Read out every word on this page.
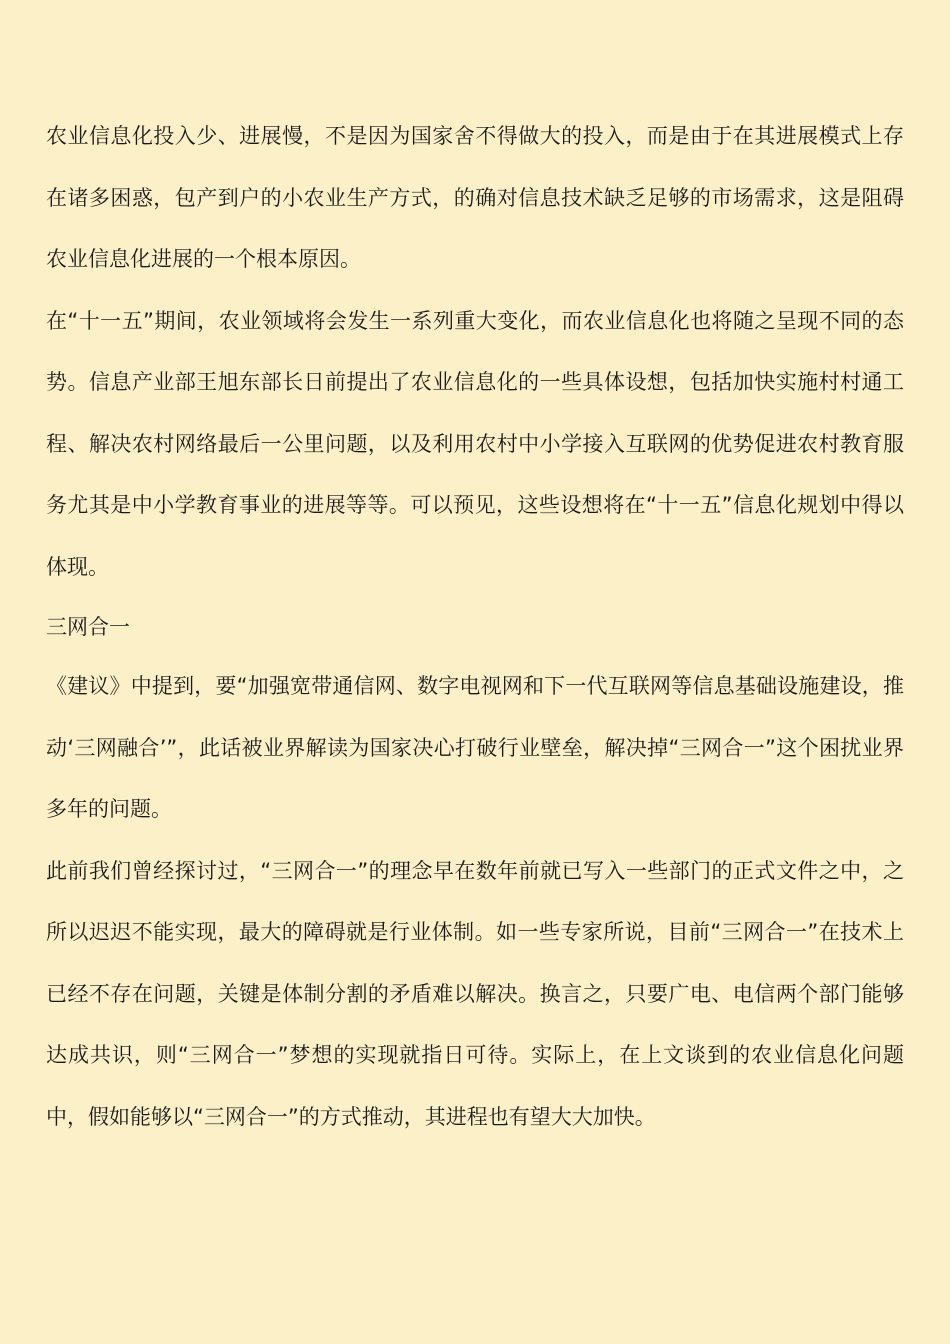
农业信息化投入少、进展慢，不是因为国家舍不得做大的投入，而是由于在其进展模式上存在诸多困惑，包产到户的小农业生产方式，的确对信息技术缺乏足够的市场需求，这是阻碍农业信息化进展的一个根本原因。

在“十一五”期间，农业领域将会发生一系列重大变化，而农业信息化也将随之呈现不同的态势。信息产业部王旭东部长日前提出了农业信息化的一些具体设想，包括加快实施村村通工程、解决农村网络最后一公里问题，以及利用农村中小学接入互联网的优势促进农村教育服务尤其是中小学教育事业的进展等等。可以预见，这些设想将在“十一五”信息化规划中得以体现。

三网合一

《建议》中提到，要“加强宽带通信网、数字电视网和下一代互联网等信息基础设施建设，推动‘三网融合’”，此话被业界解读为国家决心打破行业壁垒，解决掉“三网合一”这个困扰业界多年的问题。

此前我们曾经探讨过，“三网合一”的理念早在数年前就已写入一些部门的正式文件之中，之所以迟迟不能实现，最大的障碍就是行业体制。如一些专家所说，目前“三网合一”在技术上已经不存在问题，关键是体制分割的矛盾难以解决。换言之，只要广电、电信两个部门能够达成共识，则“三网合一”梦想的实现就指日可待。实际上，在上文谈到的农业信息化问题中，假如能够以“三网合一”的方式推动，其进程也有望大大加快。
